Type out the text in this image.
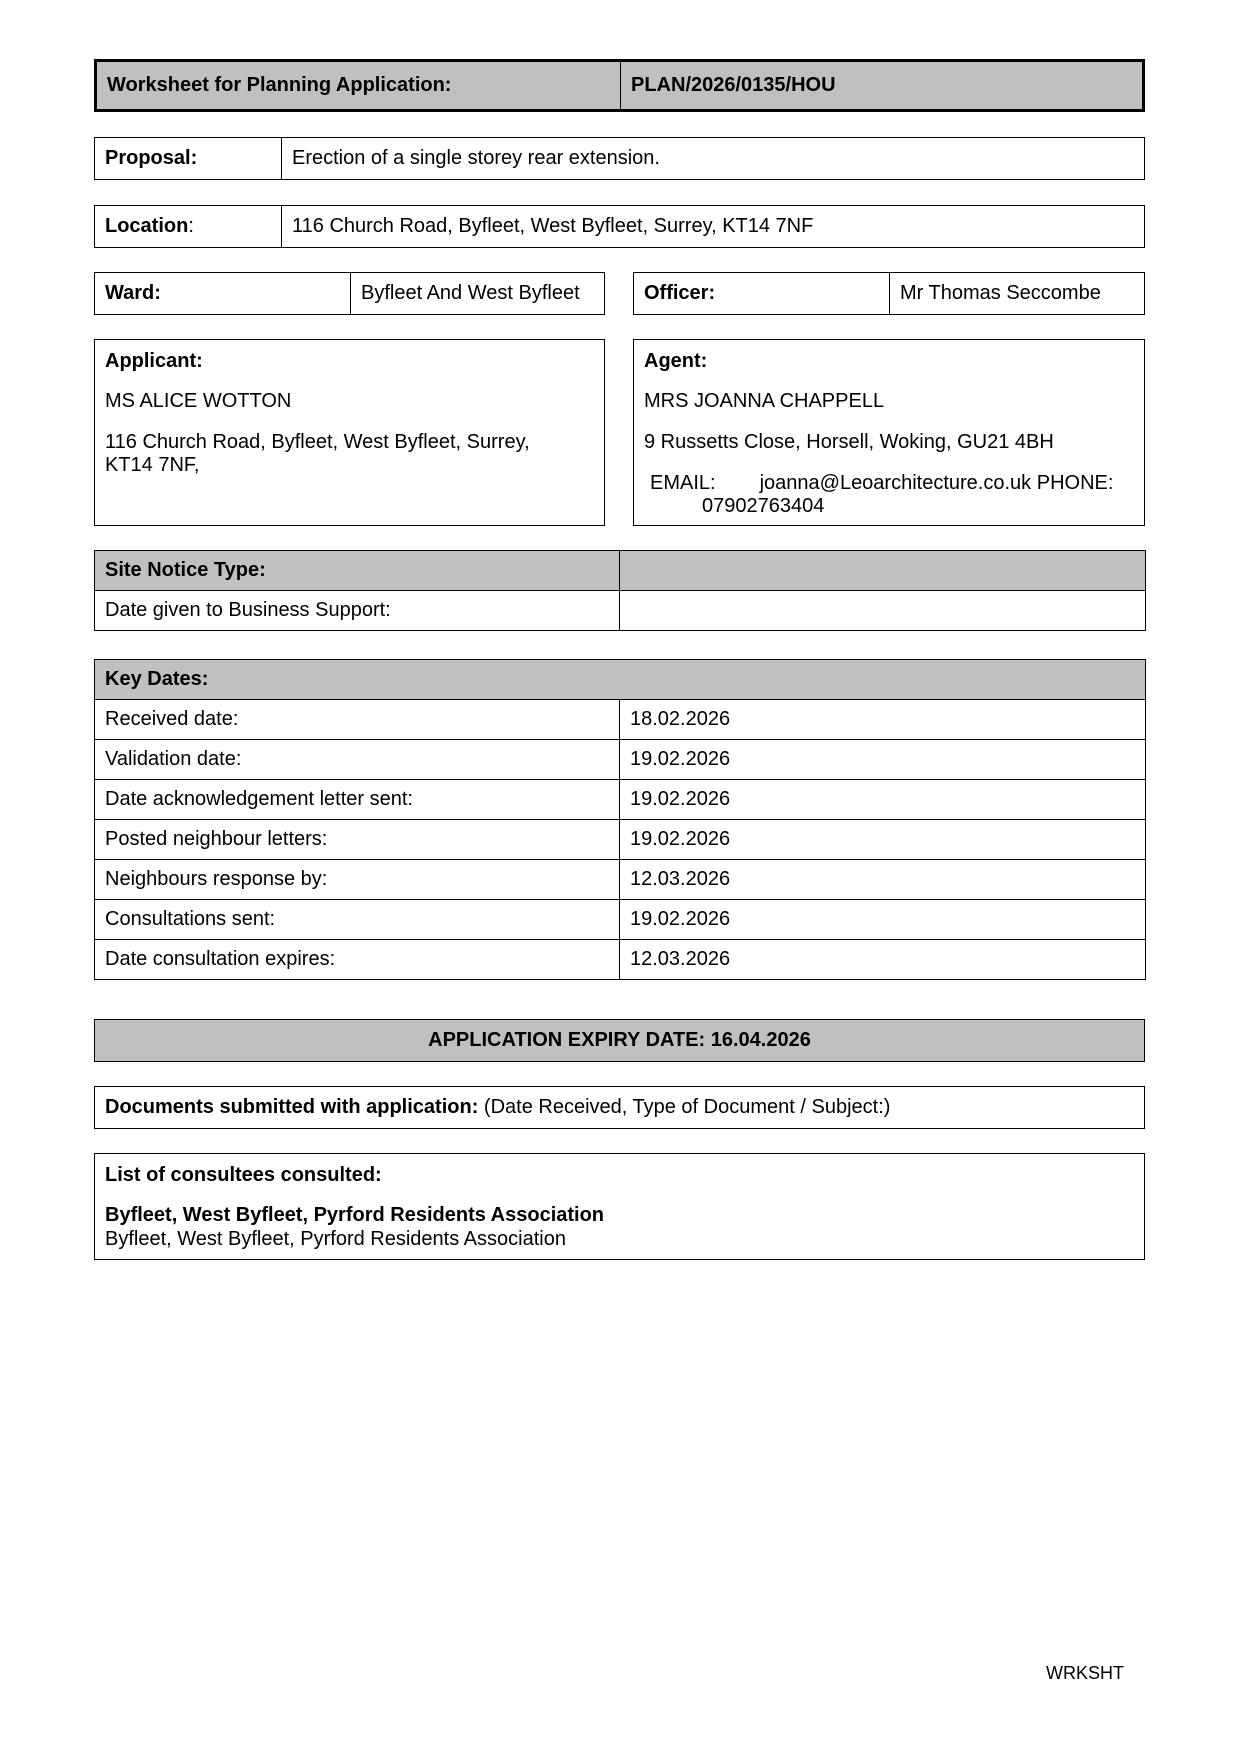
Worksheet for Planning Application:	PLAN/2026/0135/HOU
Proposal:	Erection of a single storey rear extension.
Location :	116 Church Road, Byfleet, West Byfleet, Surrey, KT14 7NF
Ward:	Byfleet And West Byfleet	Officer:	Mr Thomas Seccombe
Applicant:
MS ALICE WOTTON
116 Church Road, Byfleet, West Byfleet, Surrey,
KT14 7NF,
Agent:
MRS JOANNA CHAPPELL
9 Russetts Close, Horsell, Woking, GU21 4BH
EMAIL: joanna@Leoarchitecture.co.uk PHONE:
07902763404
Site Notice Type:	
Date given to Business Support:	
Key Dates:	
Received date:	18.02.2026
Validation date:	19.02.2026
Date acknowledgement letter sent:	19.02.2026
Posted neighbour letters:	19.02.2026
Neighbours response by:	12.03.2026
Consultations sent:	19.02.2026
Date consultation expires:	12.03.2026
APPLICATION EXPIRY DATE: 16.04.2026
Documents submitted with application:
(Date Received, Type of Document / Subject:)
List of consultees consulted:
Byfleet, West Byfleet, Pyrford Residents Association
Byfleet, West Byfleet, Pyrford Residents Association
WRKSHT
